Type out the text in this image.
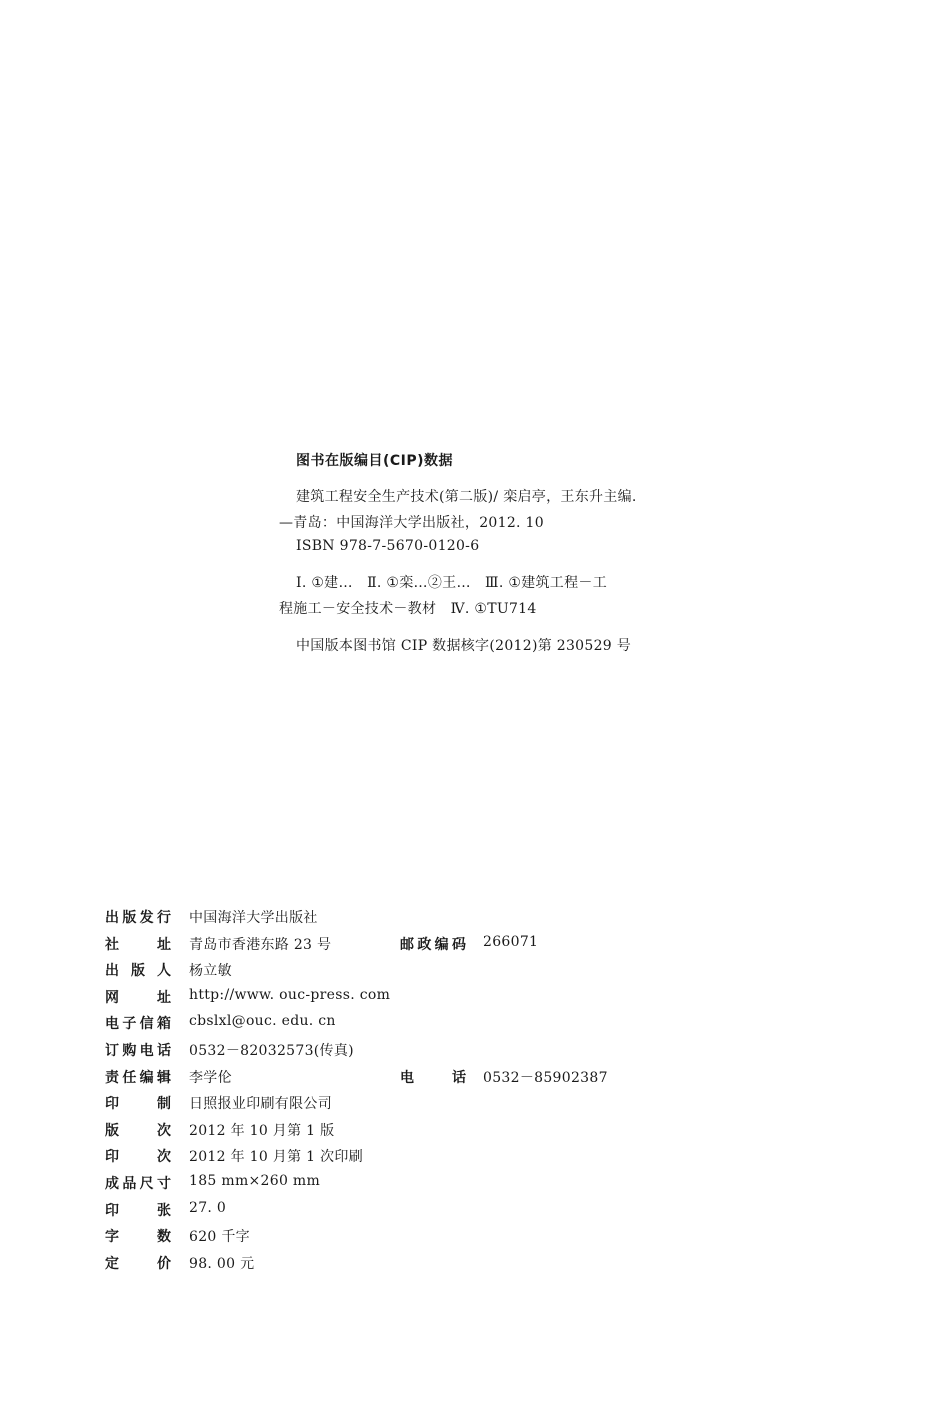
图书在版编目(CIP)数据
建筑工程安全生产技术(第二版)/ 栾启亭，王东升主编.
—青岛：中国海洋大学出版社，2012. 10
ISBN 978-7-5670-0120-6
Ⅰ. ①建…　Ⅱ. ①栾…②王…　Ⅲ. ①建筑工程－工
程施工－安全技术－教材　Ⅳ. ①TU714
中国版本图书馆 CIP 数据核字(2012)第 230529 号
出版发行 中国海洋大学出版社
社址 青岛市香港东路 23 号	邮政编码 266071
出版人 杨立敏
网址 http://www. ouc-press. com
电子信箱 cbslxl@ouc. edu. cn
订购电话 0532－82032573(传真)
责任编辑 李学伦	电话 0532－85902387
印制 日照报业印刷有限公司
版次 2012 年 10 月第 1 版
印次 2012 年 10 月第 1 次印刷
成品尺寸 185 mm×260 mm
印张 27. 0
字数 620 千字
定价 98. 00 元
